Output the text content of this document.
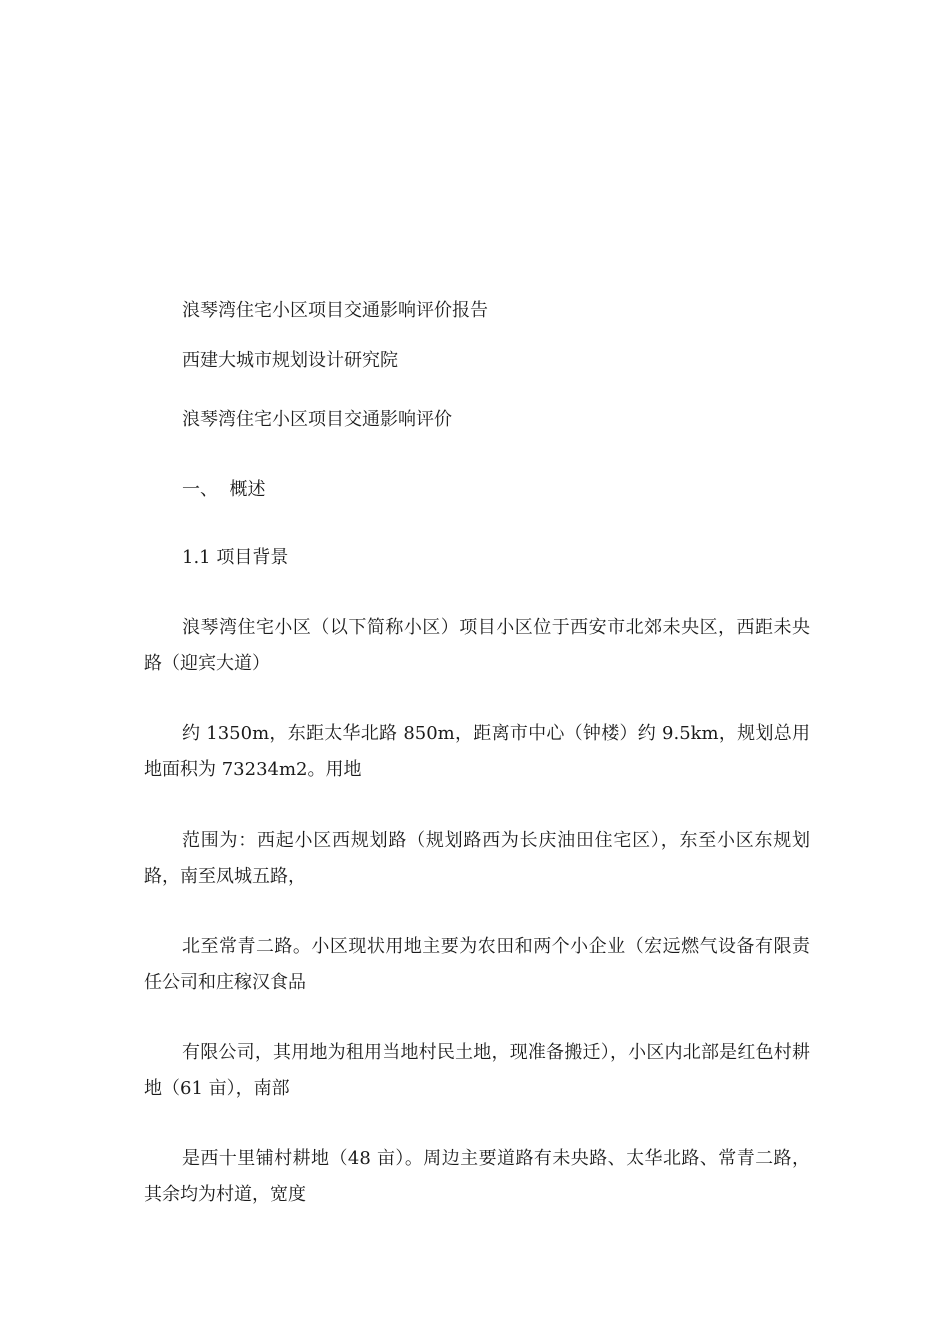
浪琴湾住宅小区项目交通影响评价报告
西建大城市规划设计研究院
浪琴湾住宅小区项目交通影响评价
一、  概述
1.1 项目背景

浪琴湾住宅小区（以下简称小区）项目小区位于西安市北郊未央区，西距未央路（迎宾大道）

约 1350m，东距太华北路 850m，距离市中心（钟楼）约 9.5km，规划总用地面积为 73234m2。用地

范围为：西起小区西规划路（规划路西为长庆油田住宅区），东至小区东规划路，南至凤城五路，

北至常青二路。小区现状用地主要为农田和两个小企业（宏远燃气设备有限责任公司和庄稼汉食品

有限公司，其用地为租用当地村民土地，现准备搬迁），小区内北部是红色村耕地（61 亩），南部

是西十里铺村耕地（48 亩）。周边主要道路有未央路、太华北路、常青二路，其余均为村道，宽度
